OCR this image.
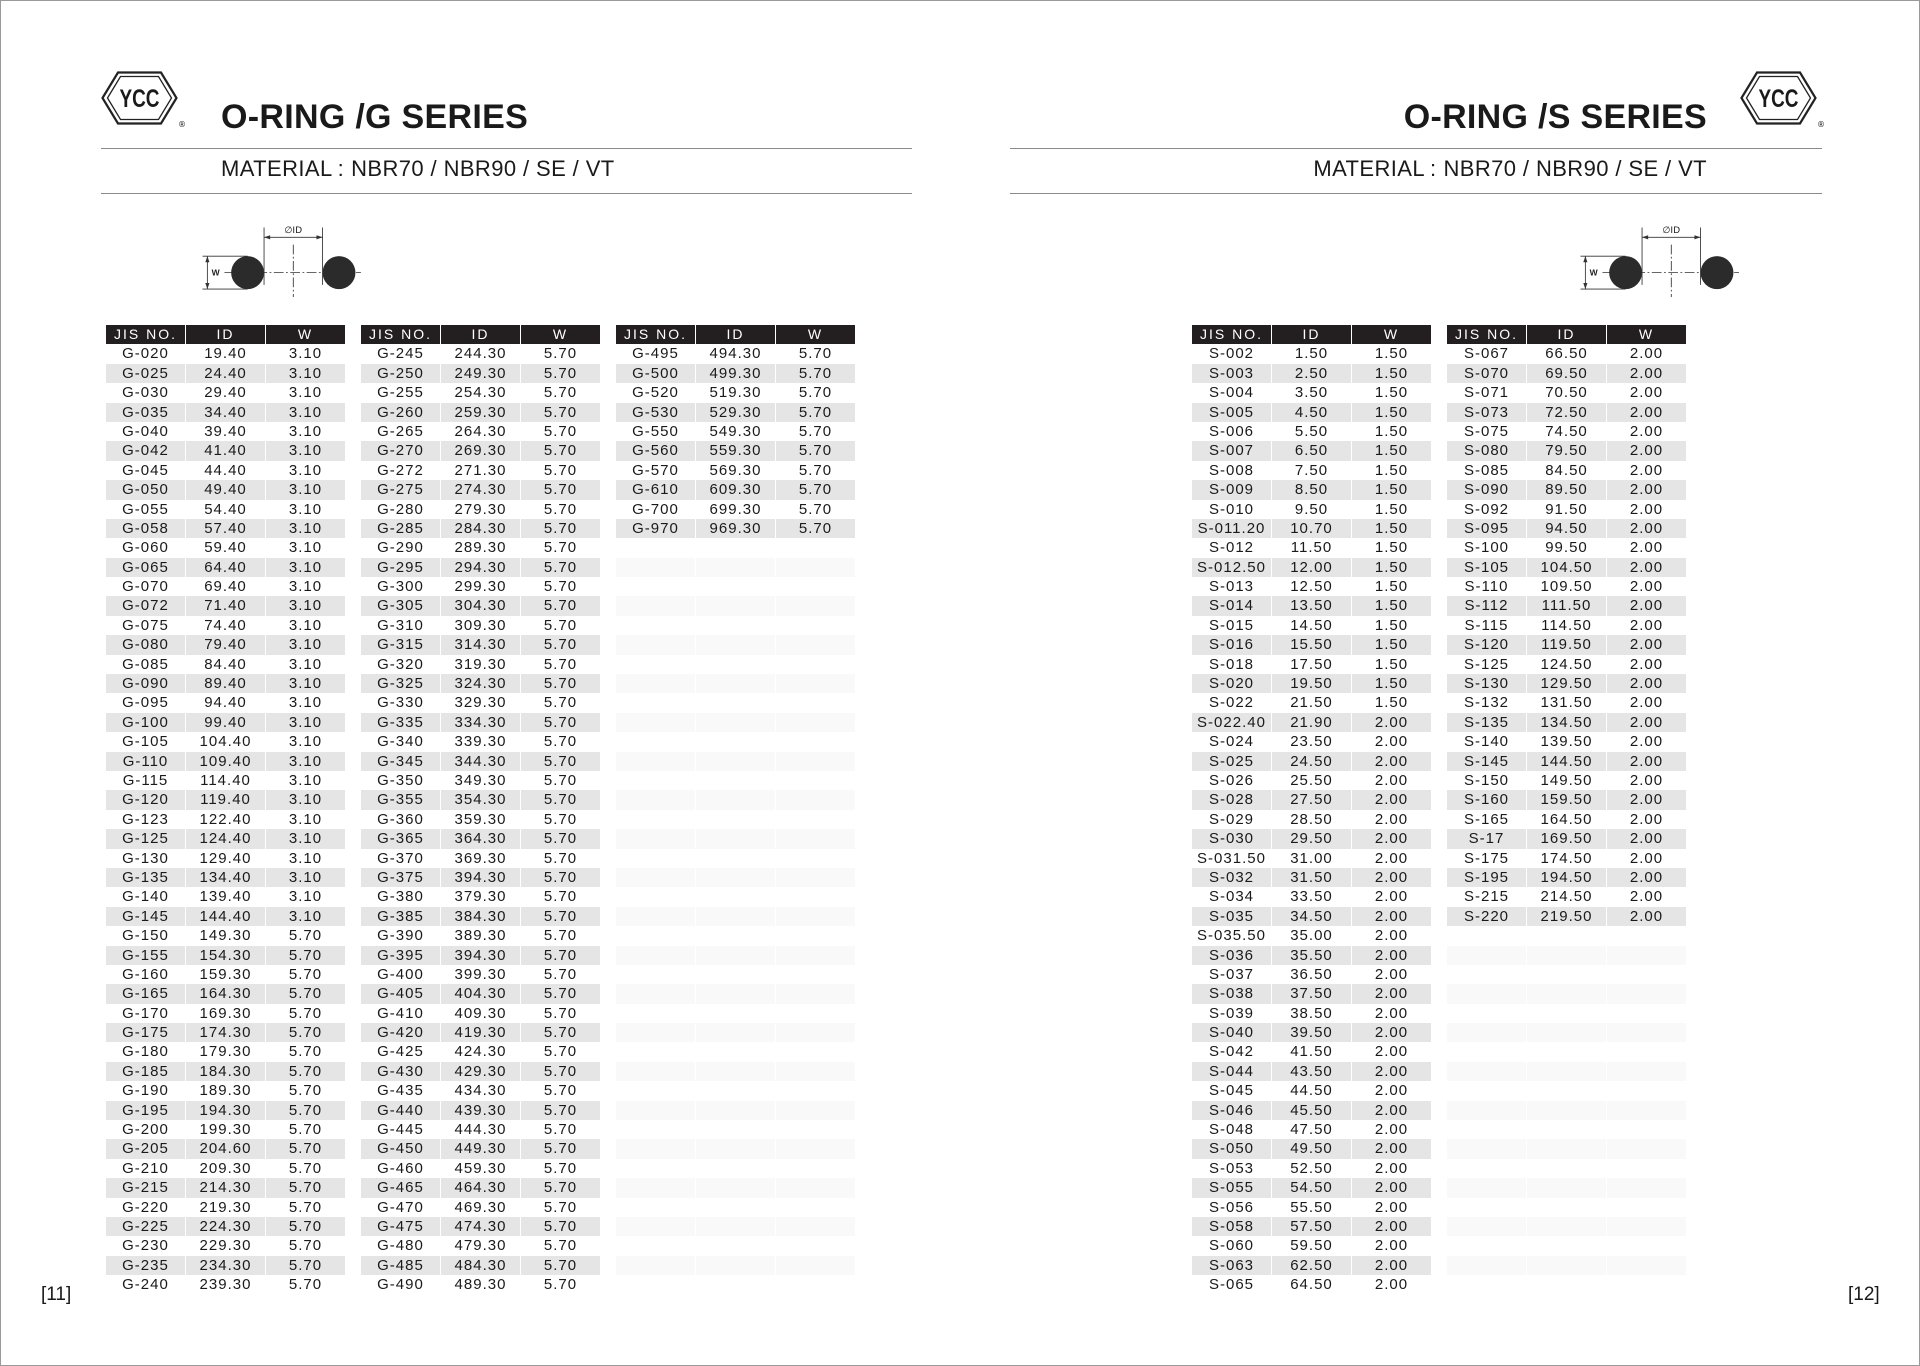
YCC
® O-RING /G SERIES
MATERIAL : NBR70 / NBR90 / SE / VT
∅ID
W
JIS NO.	ID	W
G-020	19.40	3.10
G-025	24.40	3.10
G-030	29.40	3.10
G-035	34.40	3.10
G-040	39.40	3.10
G-042	41.40	3.10
G-045	44.40	3.10
G-050	49.40	3.10
G-055	54.40	3.10
G-058	57.40	3.10
G-060	59.40	3.10
G-065	64.40	3.10
G-070	69.40	3.10
G-072	71.40	3.10
G-075	74.40	3.10
G-080	79.40	3.10
G-085	84.40	3.10
G-090	89.40	3.10
G-095	94.40	3.10
G-100	99.40	3.10
G-105	104.40	3.10
G-110	109.40	3.10
G-115	114.40	3.10
G-120	119.40	3.10
G-123	122.40	3.10
G-125	124.40	3.10
G-130	129.40	3.10
G-135	134.40	3.10
G-140	139.40	3.10
G-145	144.40	3.10
G-150	149.30	5.70
G-155	154.30	5.70
G-160	159.30	5.70
G-165	164.30	5.70
G-170	169.30	5.70
G-175	174.30	5.70
G-180	179.30	5.70
G-185	184.30	5.70
G-190	189.30	5.70
G-195	194.30	5.70
G-200	199.30	5.70
G-205	204.60	5.70
G-210	209.30	5.70
G-215	214.30	5.70
G-220	219.30	5.70
G-225	224.30	5.70
G-230	229.30	5.70
G-235	234.30	5.70
G-240	239.30	5.70
JIS NO.	ID	W
G-245	244.30	5.70
G-250	249.30	5.70
G-255	254.30	5.70
G-260	259.30	5.70
G-265	264.30	5.70
G-270	269.30	5.70
G-272	271.30	5.70
G-275	274.30	5.70
G-280	279.30	5.70
G-285	284.30	5.70
G-290	289.30	5.70
G-295	294.30	5.70
G-300	299.30	5.70
G-305	304.30	5.70
G-310	309.30	5.70
G-315	314.30	5.70
G-320	319.30	5.70
G-325	324.30	5.70
G-330	329.30	5.70
G-335	334.30	5.70
G-340	339.30	5.70
G-345	344.30	5.70
G-350	349.30	5.70
G-355	354.30	5.70
G-360	359.30	5.70
G-365	364.30	5.70
G-370	369.30	5.70
G-375	394.30	5.70
G-380	379.30	5.70
G-385	384.30	5.70
G-390	389.30	5.70
G-395	394.30	5.70
G-400	399.30	5.70
G-405	404.30	5.70
G-410	409.30	5.70
G-420	419.30	5.70
G-425	424.30	5.70
G-430	429.30	5.70
G-435	434.30	5.70
G-440	439.30	5.70
G-445	444.30	5.70
G-450	449.30	5.70
G-460	459.30	5.70
G-465	464.30	5.70
G-470	469.30	5.70
G-475	474.30	5.70
G-480	479.30	5.70
G-485	484.30	5.70
G-490	489.30	5.70
JIS NO.	ID	W
G-495	494.30	5.70
G-500	499.30	5.70
G-520	519.30	5.70
G-530	529.30	5.70
G-550	549.30	5.70
G-560	559.30	5.70
G-570	569.30	5.70
G-610	609.30	5.70
G-700	699.30	5.70
G-970	969.30	5.70
[11]
YCC
®
O-RING /S SERIES
MATERIAL : NBR70 / NBR90 / SE / VT
∅ID
W
JIS NO.	ID	W
S-002	1.50	1.50
S-003	2.50	1.50
S-004	3.50	1.50
S-005	4.50	1.50
S-006	5.50	1.50
S-007	6.50	1.50
S-008	7.50	1.50
S-009	8.50	1.50
S-010	9.50	1.50
S-011.20	10.70	1.50
S-012	11.50	1.50
S-012.50	12.00	1.50
S-013	12.50	1.50
S-014	13.50	1.50
S-015	14.50	1.50
S-016	15.50	1.50
S-018	17.50	1.50
S-020	19.50	1.50
S-022	21.50	1.50
S-022.40	21.90	2.00
S-024	23.50	2.00
S-025	24.50	2.00
S-026	25.50	2.00
S-028	27.50	2.00
S-029	28.50	2.00
S-030	29.50	2.00
S-031.50	31.00	2.00
S-032	31.50	2.00
S-034	33.50	2.00
S-035	34.50	2.00
S-035.50	35.00	2.00
S-036	35.50	2.00
S-037	36.50	2.00
S-038	37.50	2.00
S-039	38.50	2.00
S-040	39.50	2.00
S-042	41.50	2.00
S-044	43.50	2.00
S-045	44.50	2.00
S-046	45.50	2.00
S-048	47.50	2.00
S-050	49.50	2.00
S-053	52.50	2.00
S-055	54.50	2.00
S-056	55.50	2.00
S-058	57.50	2.00
S-060	59.50	2.00
S-063	62.50	2.00
S-065	64.50	2.00
JIS NO.	ID	W
S-067	66.50	2.00
S-070	69.50	2.00
S-071	70.50	2.00
S-073	72.50	2.00
S-075	74.50	2.00
S-080	79.50	2.00
S-085	84.50	2.00
S-090	89.50	2.00
S-092	91.50	2.00
S-095	94.50	2.00
S-100	99.50	2.00
S-105	104.50	2.00
S-110	109.50	2.00
S-112	111.50	2.00
S-115	114.50	2.00
S-120	119.50	2.00
S-125	124.50	2.00
S-130	129.50	2.00
S-132	131.50	2.00
S-135	134.50	2.00
S-140	139.50	2.00
S-145	144.50	2.00
S-150	149.50	2.00
S-160	159.50	2.00
S-165	164.50	2.00
S-17	169.50	2.00
S-175	174.50	2.00
S-195	194.50	2.00
S-215	214.50	2.00
S-220	219.50	2.00
[12]
